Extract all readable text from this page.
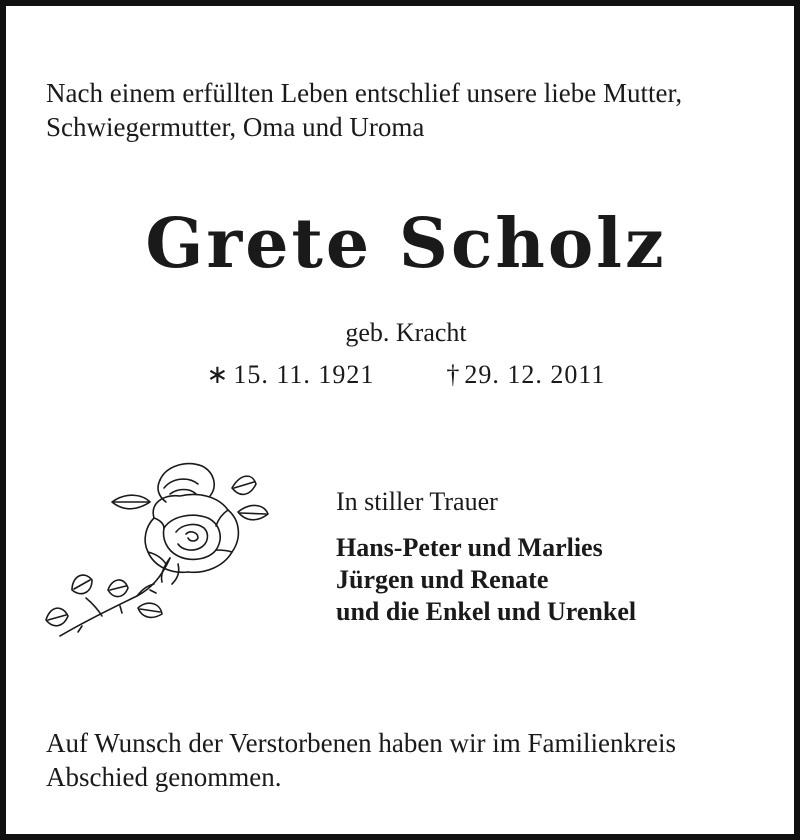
Nach einem erfüllten Leben entschlief unsere liebe Mutter,
Schwiegermutter, Oma und Uroma

Grete Scholz
geb. Kracht
∗ 15. 11. 1921	† 29. 12. 2011

In stiller Trauer

Hans-Peter und Marlies

Jürgen und Renate

und die Enkel und Urenkel

Auf Wunsch der Verstorbenen haben wir im Familienkreis
Abschied genommen.
